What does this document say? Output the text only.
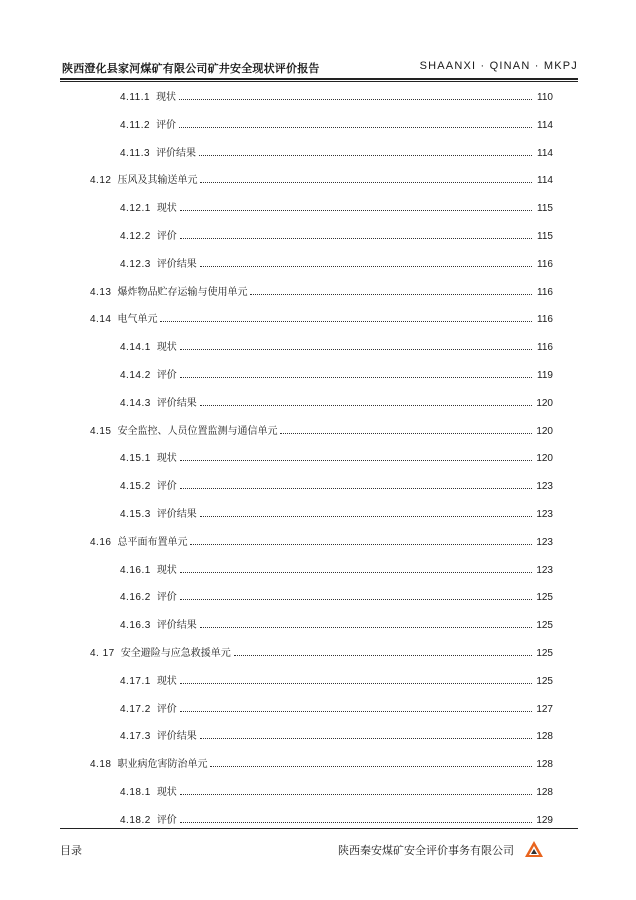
陕西澄化县家河煤矿有限公司矿井安全现状评价报告	SHAANXI · QINAN · MKPJ
4.11.1 现状	110
4.11.2 评价	114
4.11.3 评价结果	114
4.12 压风及其输送单元	114
4.12.1 现状	115
4.12.2 评价	115
4.12.3 评价结果	116
4.13 爆炸物品贮存运输与使用单元	116
4.14 电气单元	116
4.14.1 现状	116
4.14.2 评价	119
4.14.3 评价结果	120
4.15 安全监控、人员位置监测与通信单元	120
4.15.1 现状	120
4.15.2 评价	123
4.15.3 评价结果	123
4.16 总平面布置单元	123
4.16.1 现状	123
4.16.2 评价	125
4.16.3 评价结果	125
4. 17 安全避险与应急救援单元	125
4.17.1 现状	125
4.17.2 评价	127
4.17.3 评价结果	128
4.18 职业病危害防治单元	128
4.18.1 现状	128
4.18.2 评价	129
目录	陕西秦安煤矿安全评价事务有限公司
